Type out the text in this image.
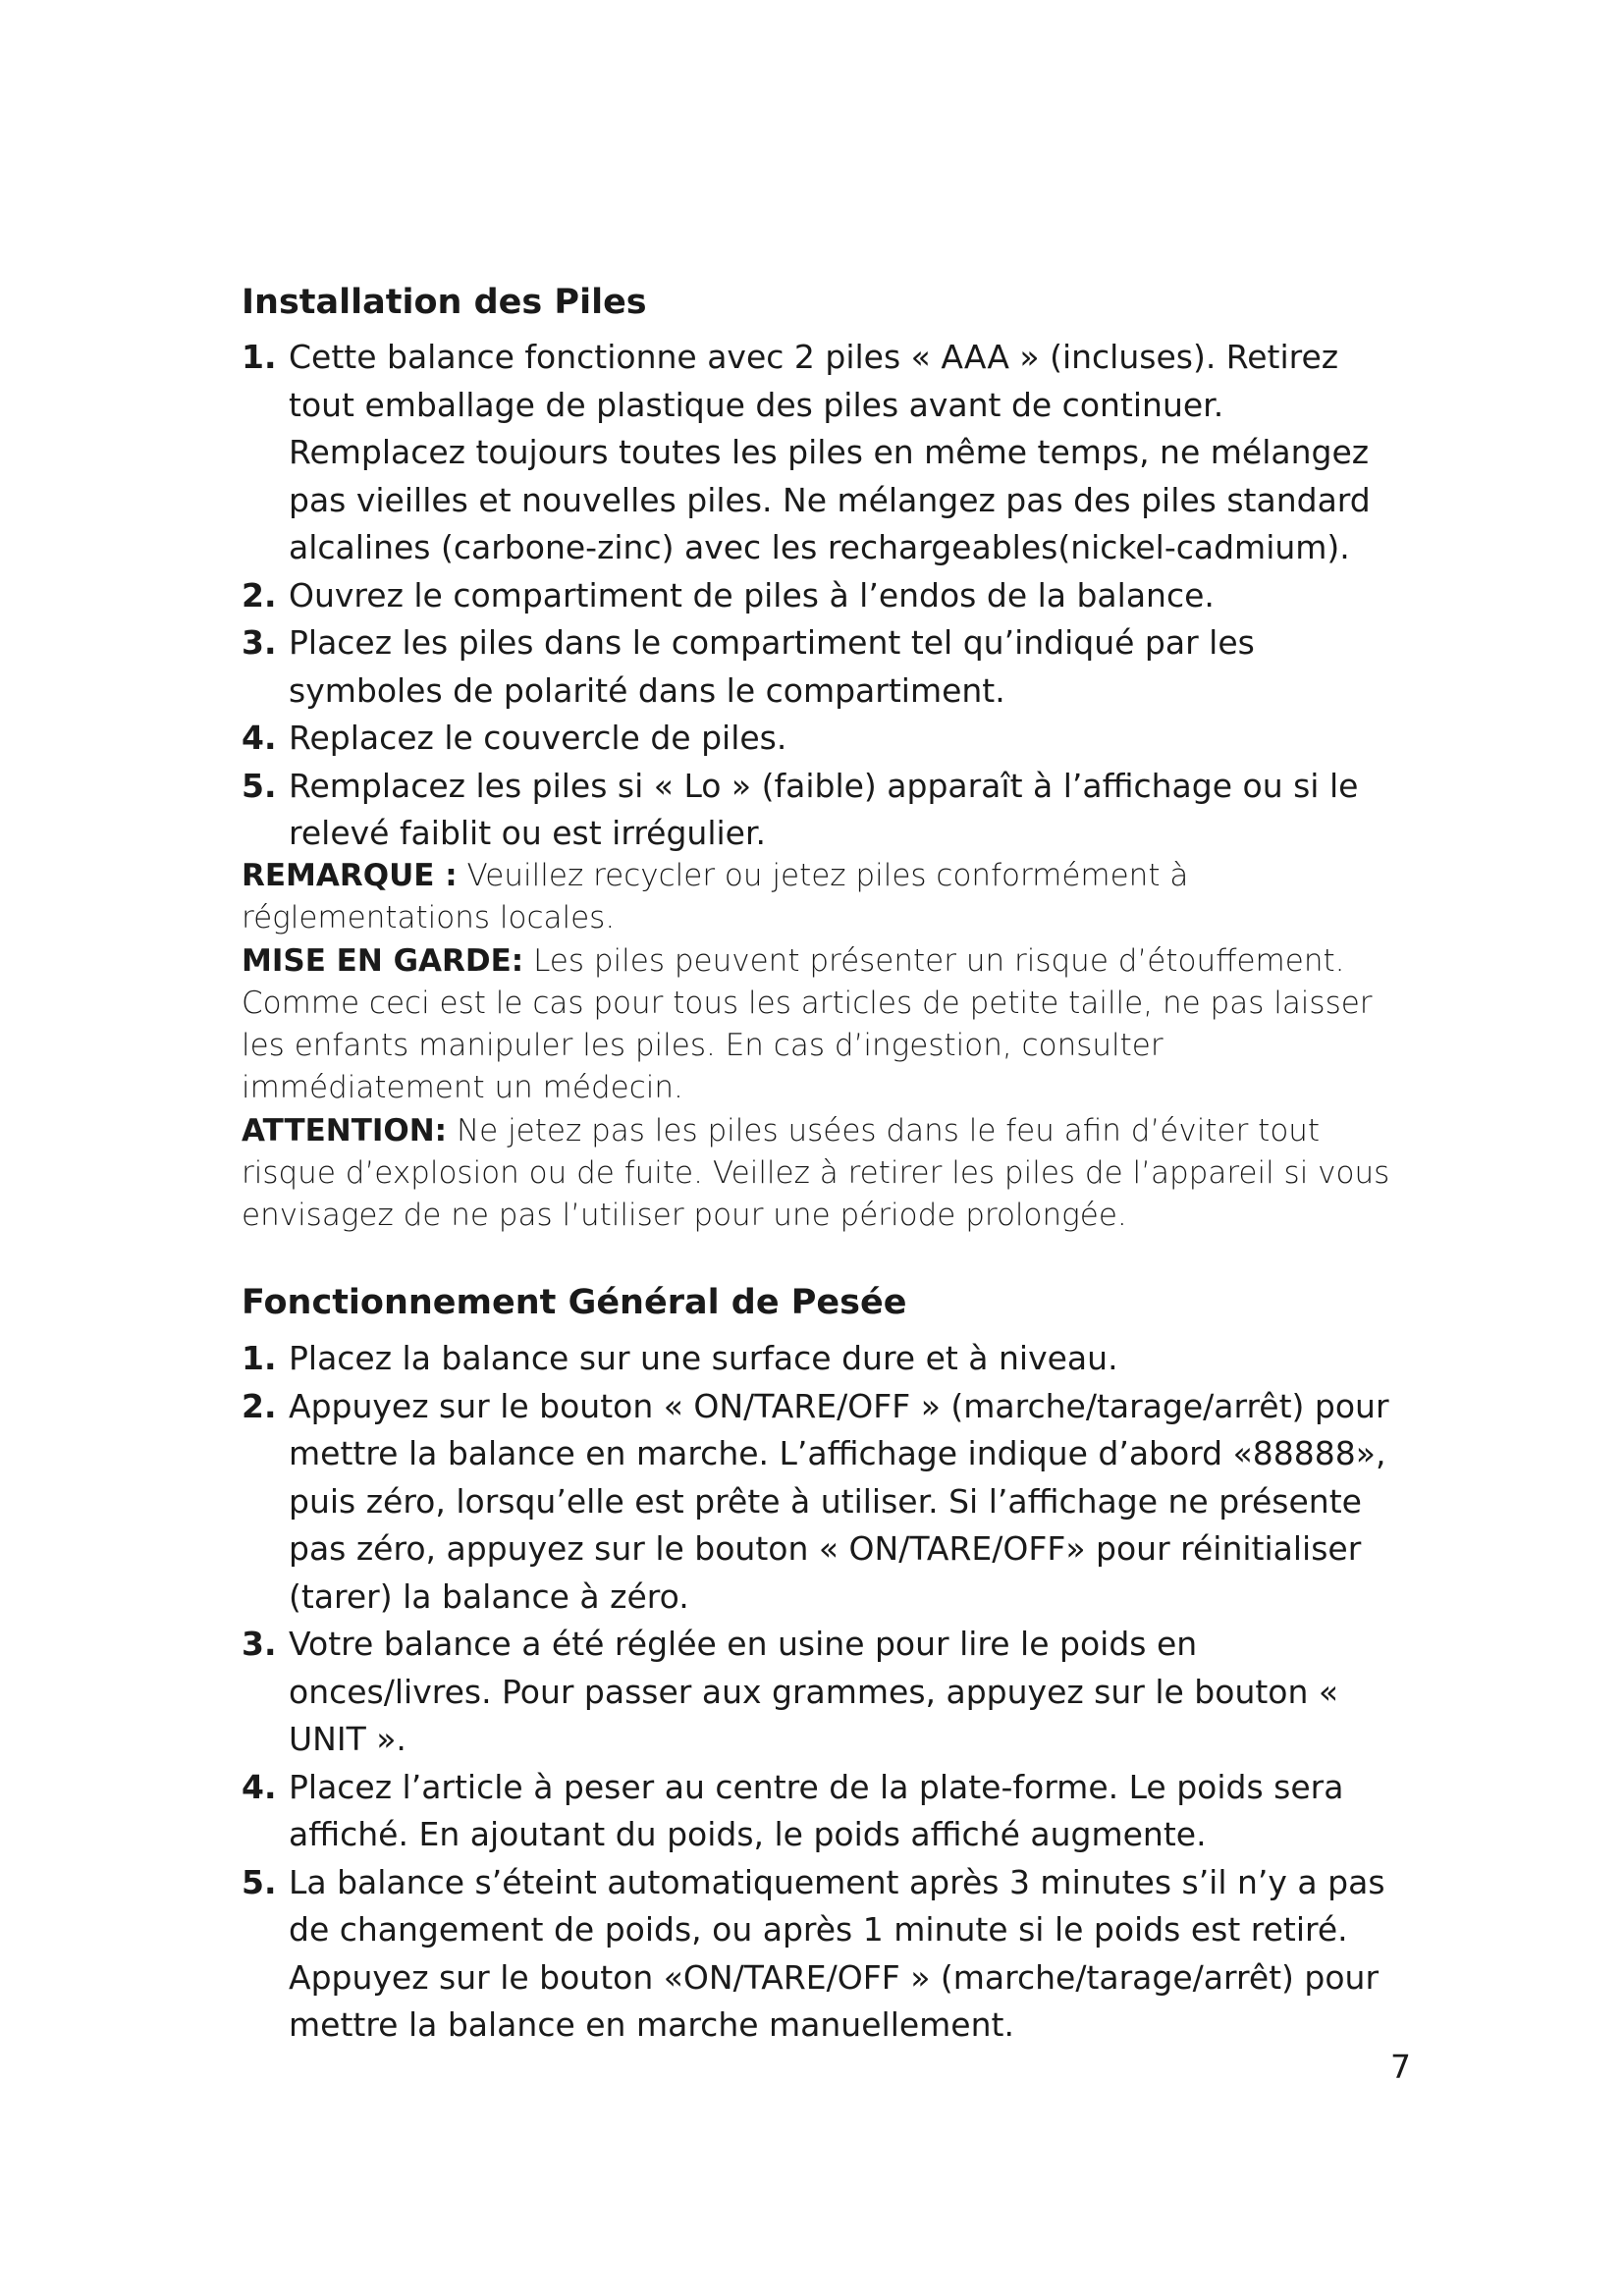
Installation des Piles
1. Cette balance fonctionne avec 2 piles « AAA » (incluses). Retirez tout emballage de plastique des piles avant de continuer. Remplacez toujours toutes les piles en même temps, ne mélangez pas vieilles et nouvelles piles. Ne mélangez pas des piles standard alcalines (carbone-zinc) avec les rechargeables(nickel-cadmium).
2. Ouvrez le compartiment de piles à l’endos de la balance.
3. Placez les piles dans le compartiment tel qu’indiqué par les symboles de polarité dans le compartiment.
4. Replacez le couvercle de piles.
5. Remplacez les piles si « Lo » (faible) apparaît à l’affichage ou si le relevé faiblit ou est irrégulier.

REMARQUE : Veuillez recycler ou jetez piles conformément à réglementations locales.

MISE EN GARDE: Les piles peuvent présenter un risque d’étouffement. Comme ceci est le cas pour tous les articles de petite taille, ne pas laisser les enfants manipuler les piles. En cas d’ingestion, consulter immédiatement un médecin.

ATTENTION: Ne jetez pas les piles usées dans le feu afin d’éviter tout risque d’explosion ou de fuite. Veillez à retirer les piles de l’appareil si vous envisagez de ne pas l’utiliser pour une période prolongée.

Fonctionnement Général de Pesée
1. Placez la balance sur une surface dure et à niveau.
2. Appuyez sur le bouton « ON/TARE/OFF » (marche/tarage/arrêt) pour mettre la balance en marche. L’affichage indique d’abord «88888», puis zéro, lorsqu’elle est prête à utiliser. Si l’affichage ne présente pas zéro, appuyez sur le bouton « ON/TARE/OFF» pour réinitialiser (tarer) la balance à zéro.
3. Votre balance a été réglée en usine pour lire le poids en onces/livres. Pour passer aux grammes, appuyez sur le bouton « UNIT ».
4. Placez l’article à peser au centre de la plate-forme. Le poids sera affiché. En ajoutant du poids, le poids affiché augmente.
5. La balance s’éteint automatiquement après 3 minutes s’il n’y a pas de changement de poids, ou après 1 minute si le poids est retiré. Appuyez sur le bouton «ON/TARE/OFF » (marche/tarage/arrêt) pour mettre la balance en marche manuellement.
7
